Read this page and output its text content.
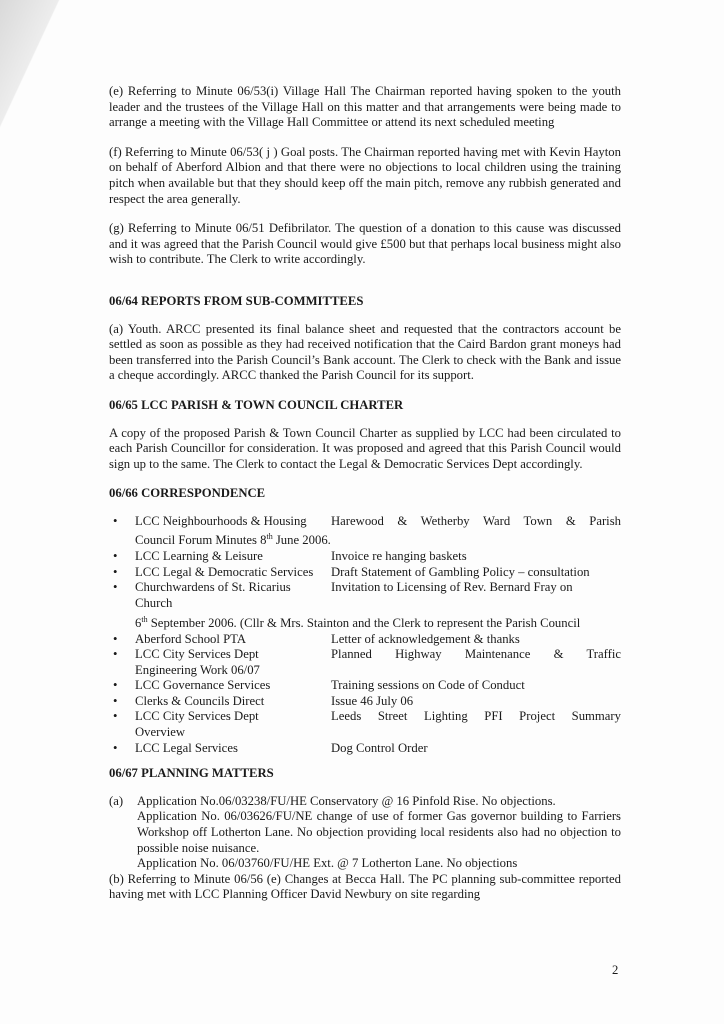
(e) Referring to Minute 06/53(i) Village Hall The Chairman reported having spoken to the youth leader and the trustees of the Village Hall on this matter and that arrangements were being made to arrange a meeting with the Village Hall Committee or attend its next scheduled meeting

(f) Referring to Minute 06/53( j ) Goal posts. The Chairman reported having met with Kevin Hayton on behalf of Aberford Albion and that there were no objections to local children using the training pitch when available but that they should keep off the main pitch, remove any rubbish generated and respect the area generally.

(g) Referring to Minute 06/51 Defibrilator. The question of a donation to this cause was discussed and it was agreed that the Parish Council would give £500 but that perhaps local business might also wish to contribute. The Clerk to write accordingly.

06/64 REPORTS FROM SUB-COMMITTEES

(a) Youth. ARCC presented its final balance sheet and requested that the contractors account be settled as soon as possible as they had received notification that the Caird Bardon grant moneys had been transferred into the Parish Council’s Bank account. The Clerk to check with the Bank and issue a cheque accordingly. ARCC thanked the Parish Council for its support.

06/65 LCC PARISH & TOWN COUNCIL CHARTER

A copy of the proposed Parish & Town Council Charter as supplied by LCC had been circulated to each Parish Councillor for consideration. It was proposed and agreed that this Parish Council would sign up to the same. The Clerk to contact the Legal & Democratic Services Dept accordingly.

06/66 CORRESPONDENCE
• LCC Neighbourhoods & Housing	Harewood & Wetherby Ward Town & Parish
Council Forum Minutes 8th June 2006.
• LCC Learning & Leisure	Invoice re hanging baskets
• LCC Legal & Democratic Services	Draft Statement of Gambling Policy – consultation
• Churchwardens of St. Ricarius Church
Invitation to Licensing of Rev. Bernard Fray on
6th September 2006. (Cllr & Mrs. Stainton and the Clerk to represent the Parish Council
• Aberford School PTA	Letter of acknowledgement & thanks
• LCC City Services Dept	Planned Highway Maintenance & Traffic
Engineering Work 06/07
• LCC Governance Services	Training sessions on Code of Conduct
• Clerks & Councils Direct	Issue 46 July 06
• LCC City Services Dept	Leeds Street Lighting PFI Project Summary
Overview
• LCC Legal Services	Dog Control Order
06/67 PLANNING MATTERS
(a)	Application No.06/03238/FU/HE Conservatory @ 16 Pinfold Rise. No objections.

Application No. 06/03626/FU/NE change of use of former Gas governor building to Farriers Workshop off Lotherton Lane. No objection providing local residents also had no objection to possible noise nuisance.

Application No. 06/03760/FU/HE Ext. @ 7 Lotherton Lane. No objections

(b) Referring to Minute 06/56 (e) Changes at Becca Hall. The PC planning sub-committee reported having met with LCC Planning Officer David Newbury on site regarding

2
